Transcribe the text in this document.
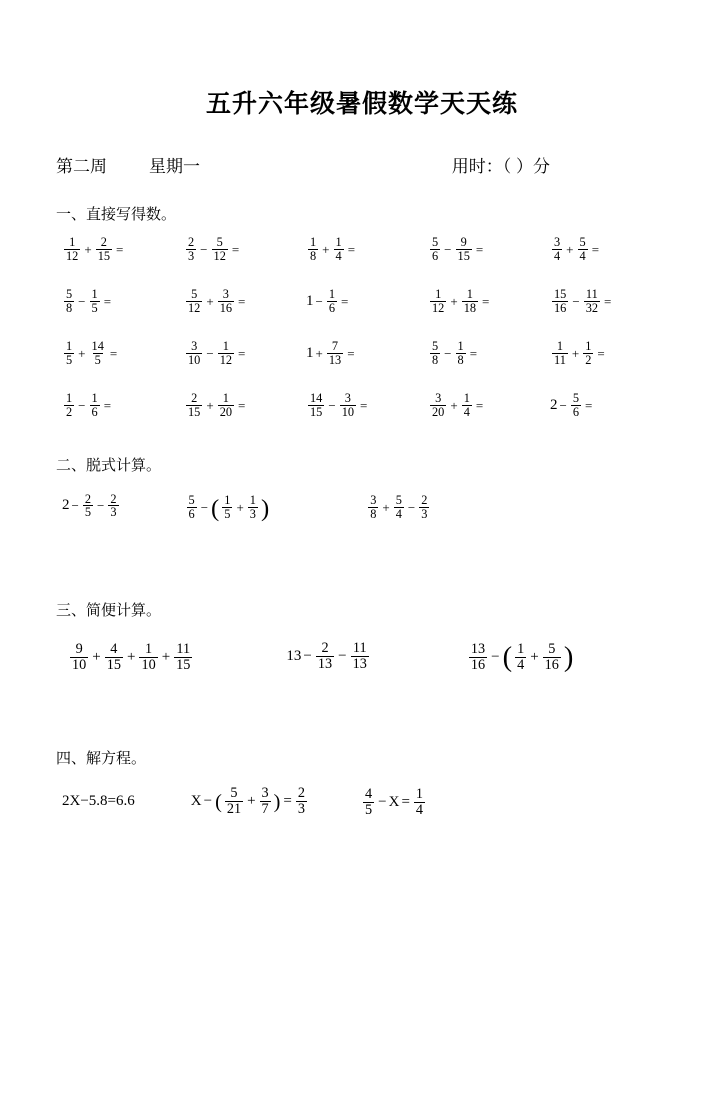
五升六年级暑假数学天天练
第二周 星期一	用时：（ ）分
一、直接写得数。
$\frac{1}{12} + \frac{2}{15}$ =	$\frac{2}{3} - \frac{5}{12}$ =	$\frac{1}{8} + \frac{1}{4}$ =	$\frac{5}{6} - \frac{9}{15}$ =	$\frac{3}{4} + \frac{5}{4}$ =
$\frac{5}{8} - \frac{1}{5}$ =	$\frac{5}{12} + \frac{3}{16}$ =	$1 - \frac{1}{6}$ =	$\frac{1}{12} + \frac{1}{18}$ =	$\frac{15}{16} - \frac{11}{32}$ =
$\frac{1}{5} + \frac{14}{5}$ =	$\frac{3}{10} - \frac{1}{12}$ =	$1 + \frac{7}{13}$ =	$\frac{5}{8} - \frac{1}{8}$ =	$\frac{1}{11} + \frac{1}{2}$ =
$\frac{1}{2} - \frac{1}{6}$ =	$\frac{2}{15} + \frac{1}{20}$ =	$\frac{14}{15} - \frac{3}{10}$ =	$\frac{3}{20} + \frac{1}{4}$ =	$2 - \frac{5}{6}$ =
二、脱式计算。
$2 - \frac{2}{5} - \frac{2}{3}$	$\frac{5}{6}$ − ( $\frac{1}{5} + \frac{1}{3}$ )	$\frac{3}{8} + \frac{5}{4} - \frac{2}{3}$
三、简便计算。
$\frac{9}{10} + \frac{4}{15} + \frac{1}{10} + \frac{11}{15}$	$13 - \frac{2}{13} - \frac{11}{13}$	$\frac{13}{16}$ − ( $\frac{1}{4} + \frac{5}{16}$ )
四、解方程。
2X−5.8=6.6	X − ( $\frac{5}{21} + \frac{3}{7}$ ) = $\frac{2}{3}$	$\frac{4}{5} - X = \frac{1}{4}$
